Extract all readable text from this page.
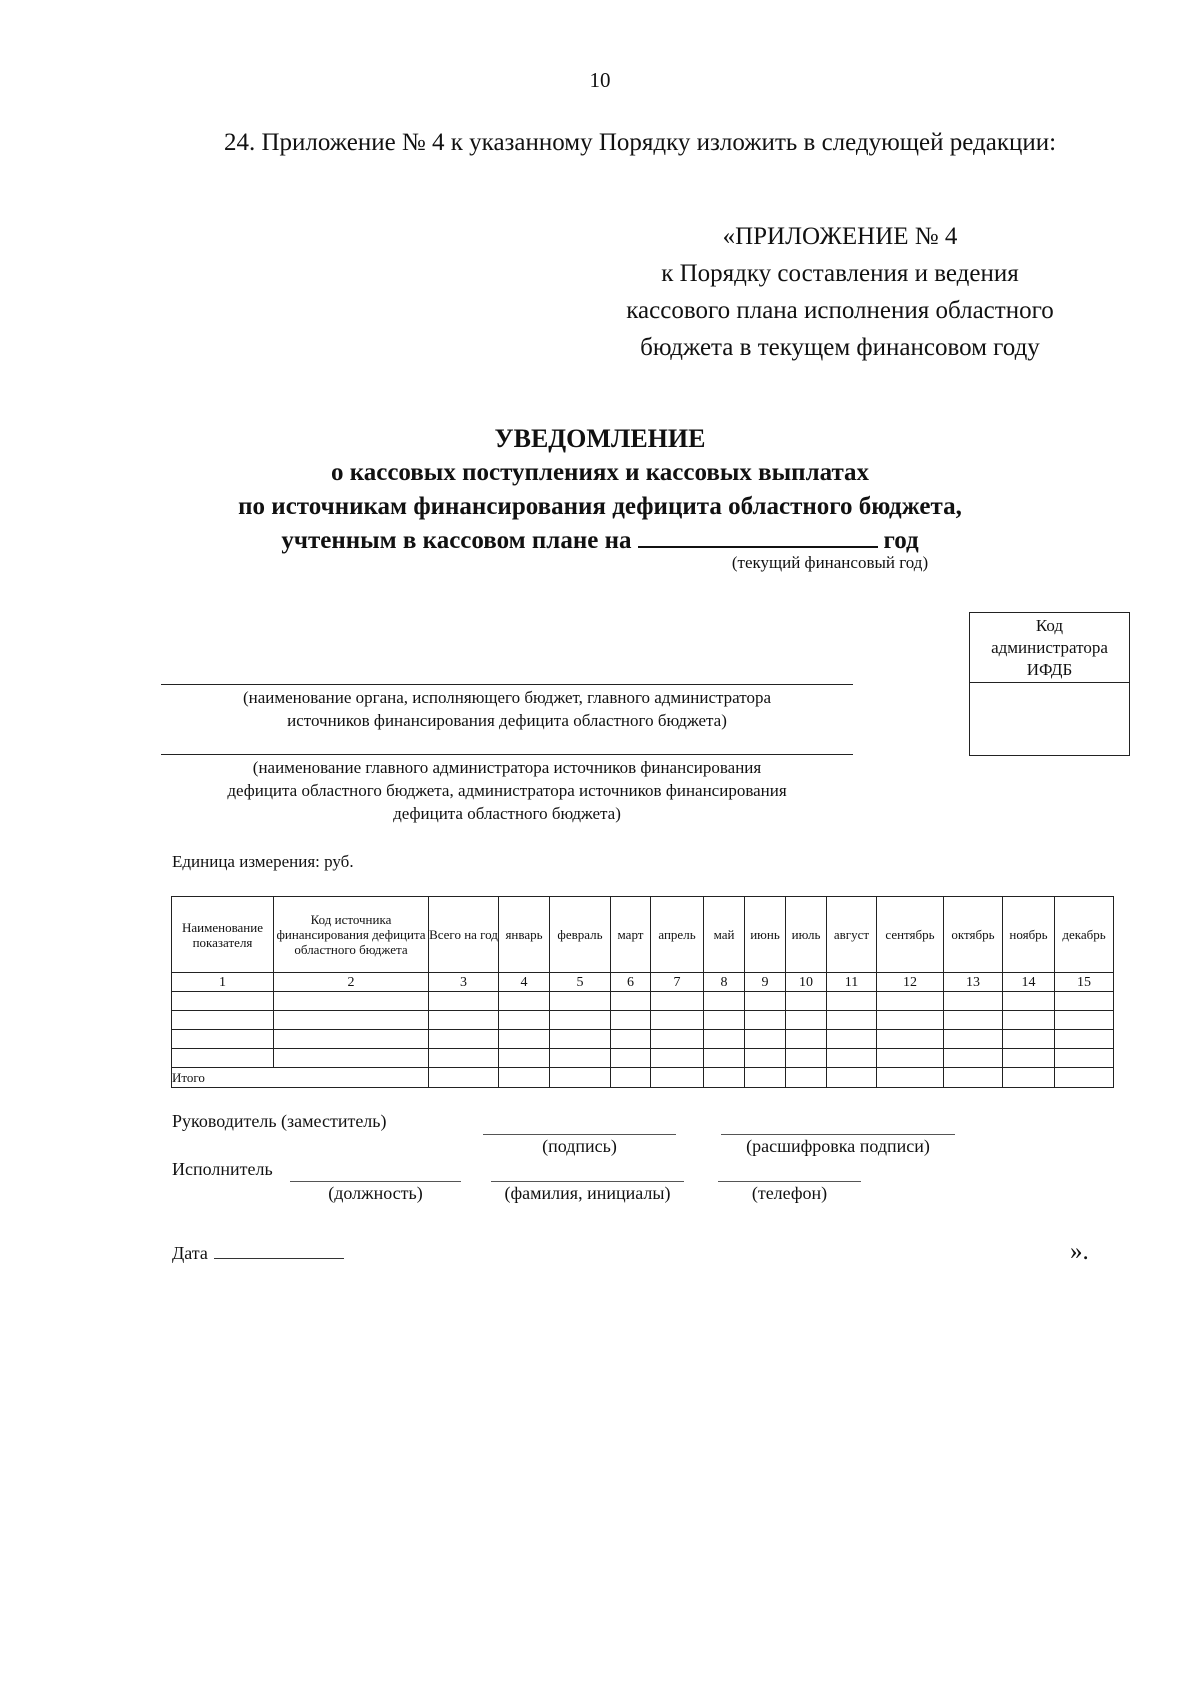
10
24. Приложение № 4 к указанному Порядку изложить в следующей редакции:
«ПРИЛОЖЕНИЕ № 4
к Порядку составления и ведения
кассового плана исполнения областного
бюджета в текущем финансовом году
УВЕДОМЛЕНИЕ
о кассовых поступлениях и кассовых выплатах
по источникам финансирования дефицита областного бюджета,
учтенным в кассовом плане на	год
(текущий финансовый год)
Код
администратора
ИФДБ
(наименование органа, исполняющего бюджет, главного администратора
источников финансирования дефицита областного бюджета)
(наименование главного администратора источников финансирования
дефицита областного бюджета, администратора источников финансирования
дефицита областного бюджета)
Единица измерения: руб.
Наименование показателя	Код источника финансирования дефицита областного бюджета	Всего на год	январь	февраль	март	апрель	май	июнь	июль	август	сентябрь	октябрь	ноябрь	декабрь
1	2	3	4	5	6	7	8	9	10	11	12	13	14	15

Итого														
Руководитель (заместитель)
(подпись)	(расшифровка подписи)
Исполнитель
(должность)	(фамилия, инициалы)	(телефон)
Дата	».
